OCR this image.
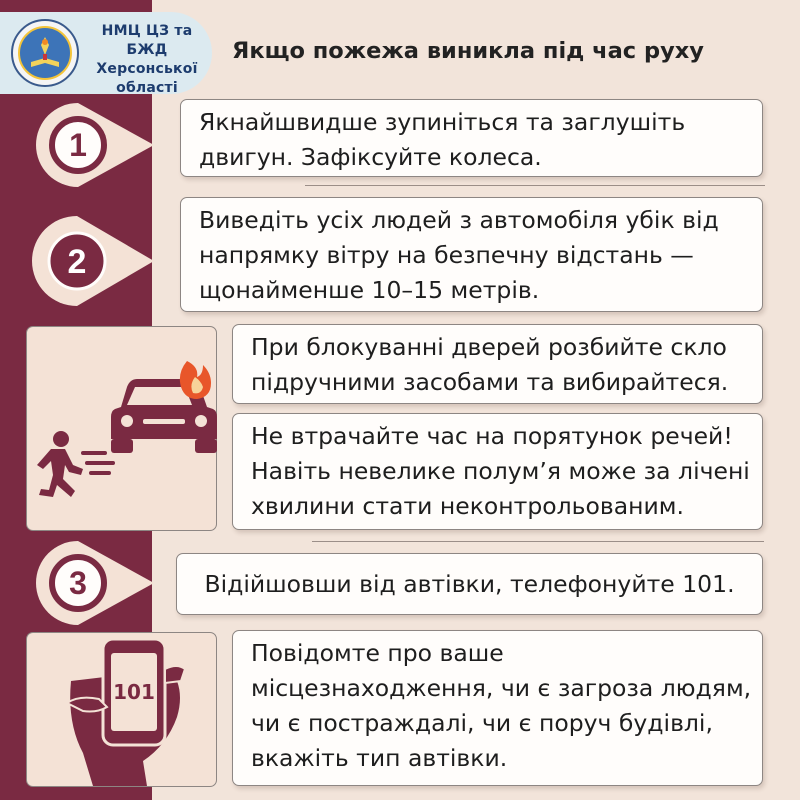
НМЦ ЦЗ та БЖД
Херсонської
області
Якщо пожежа виникла під час руху
1
Якнайшвидше зупиніться та заглушіть
двигун. Зафіксуйте колеса.
2
Виведіть усіх людей з автомобіля убік від
напрямку вітру на безпечну відстань —
щонайменше 10–15 метрів.
При блокуванні дверей розбийте скло
підручними засобами та вибирайтеся.
Не втрачайте час на порятунок речей!
Навіть невелике полум’я може за лічені
хвилини стати неконтрольованим.
3	Відійшовши від автівки, телефонуйте 101.
101
Повідомте про ваше
місцезнаходження, чи є загроза людям,
чи є постраждалі, чи є поруч будівлі,
вкажіть тип автівки.
